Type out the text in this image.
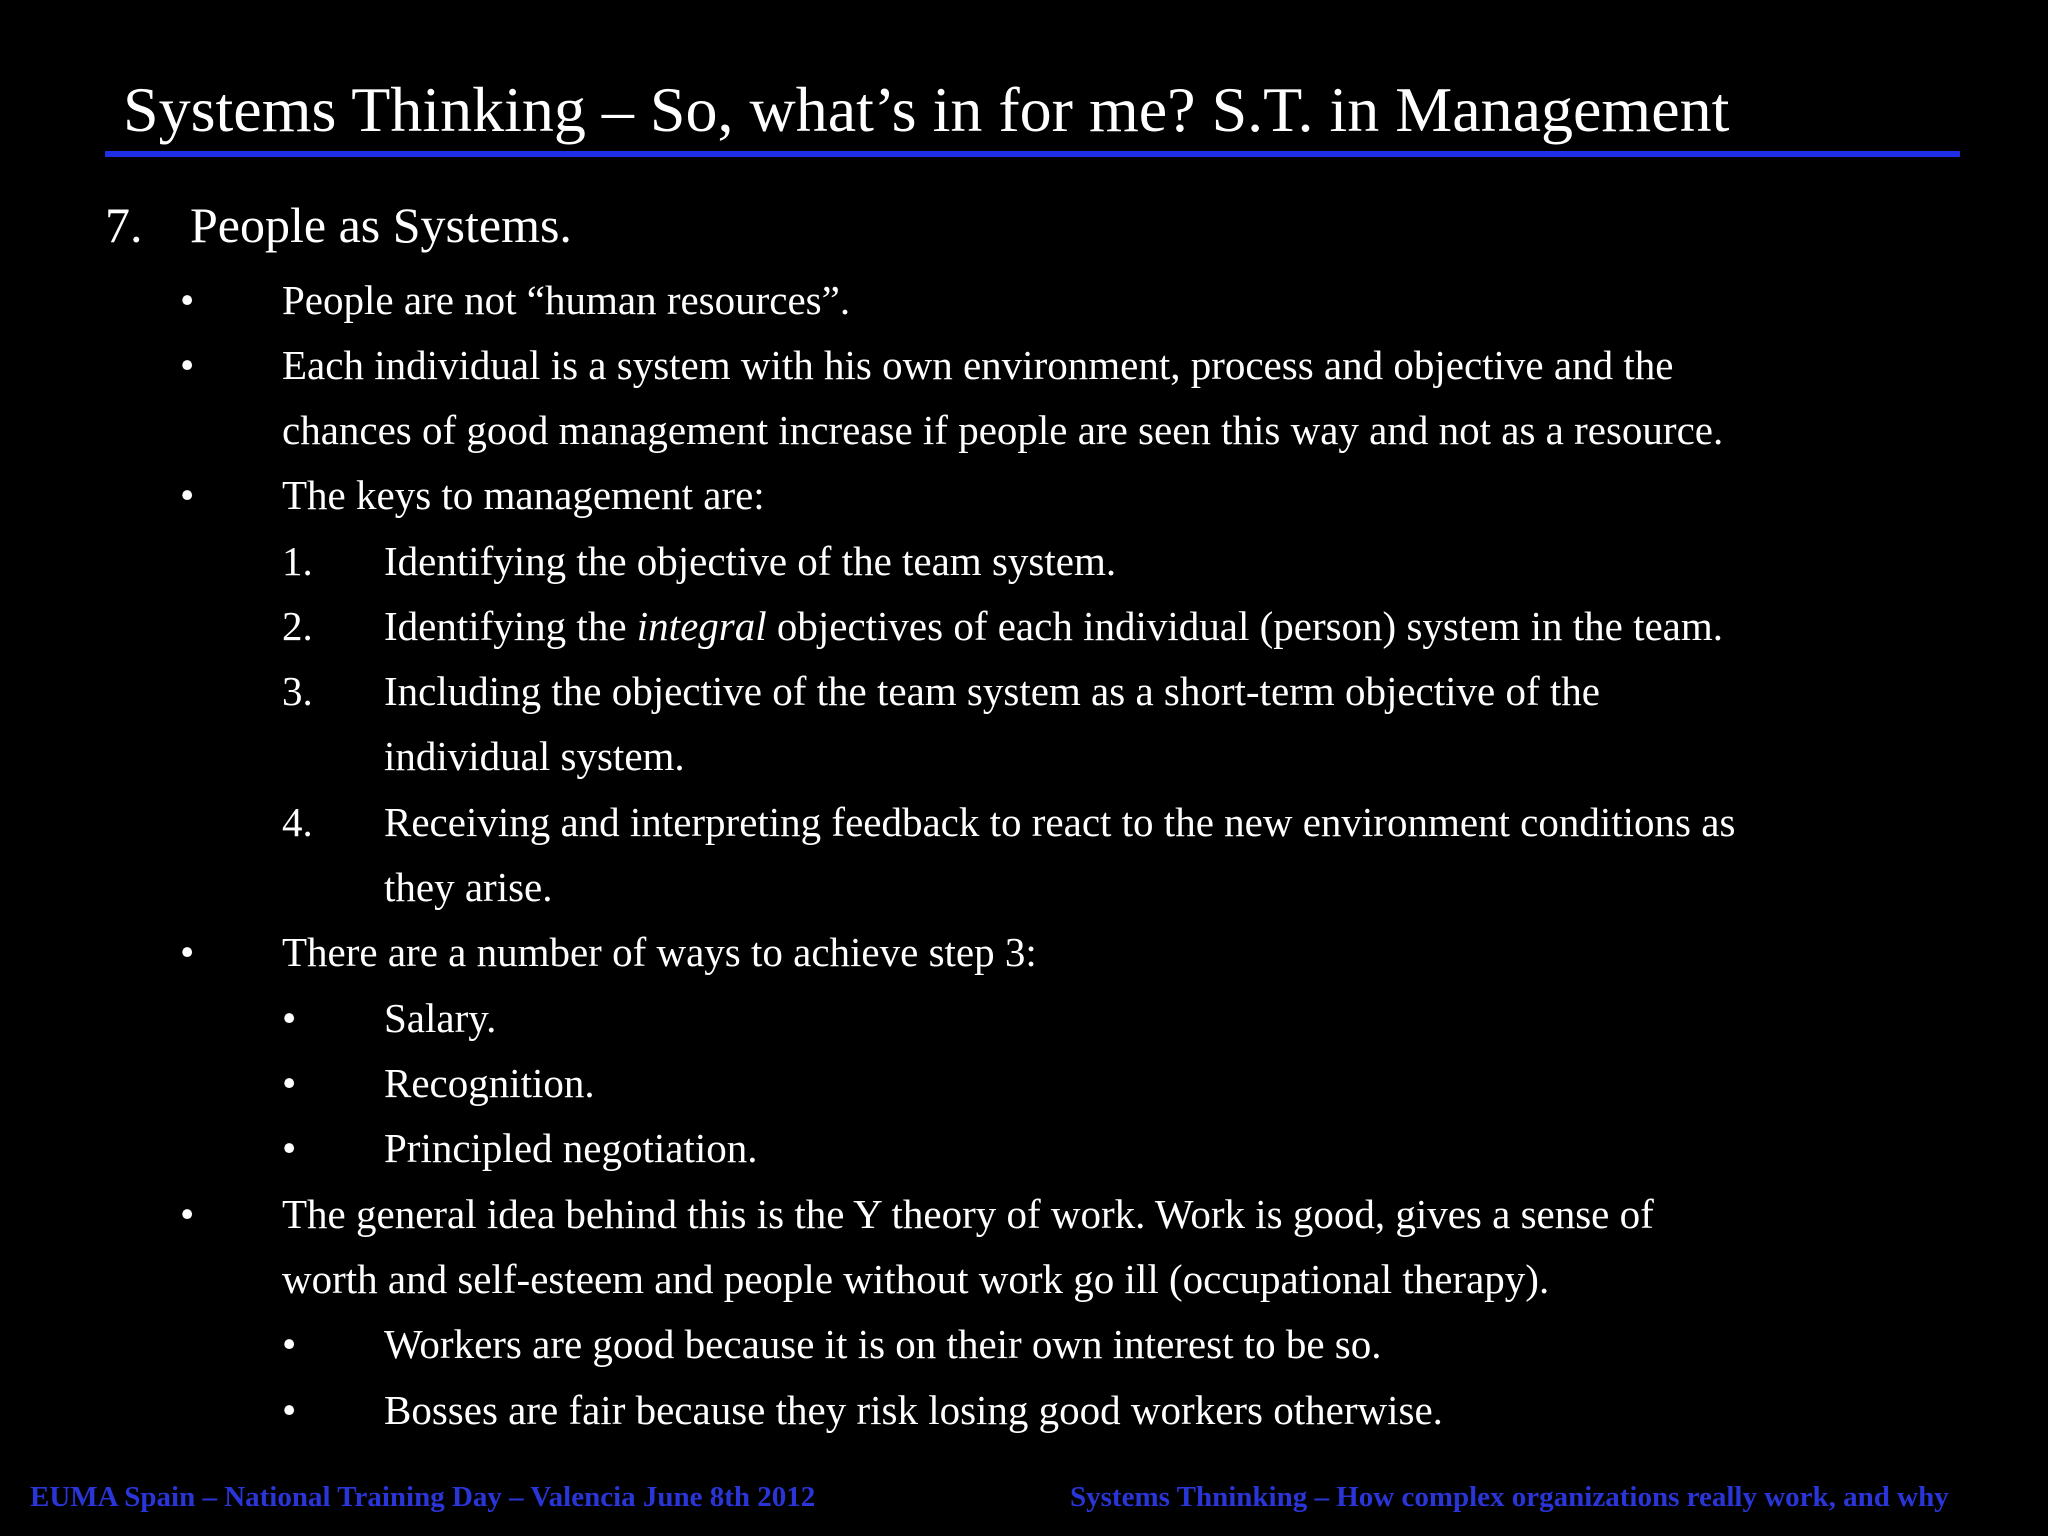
Systems Thinking – So, what’s in for me? S.T. in Management
7. People as Systems.
• People are not “human resources”.
• Each individual is a system with his own environment, process and objective and the
chances of good management increase if people are seen this way and not as a resource.
• The keys to management are:
1. Identifying the objective of the team system.
2. Identifying the integral objectives of each individual (person) system in the team.
3. Including the objective of the team system as a short-term objective of the
individual system.
4. Receiving and interpreting feedback to react to the new environment conditions as
they arise.
• There are a number of ways to achieve step 3:
• Salary.
• Recognition.
• Principled negotiation.
• The general idea behind this is the Y theory of work. Work is good, gives a sense of
worth and self-esteem and people without work go ill (occupational therapy).
• Workers are good because it is on their own interest to be so.
• Bosses are fair because they risk losing good workers otherwise.
EUMA Spain – National Training Day – Valencia June 8th 2012	Systems Thninking – How complex organizations really work, and why
